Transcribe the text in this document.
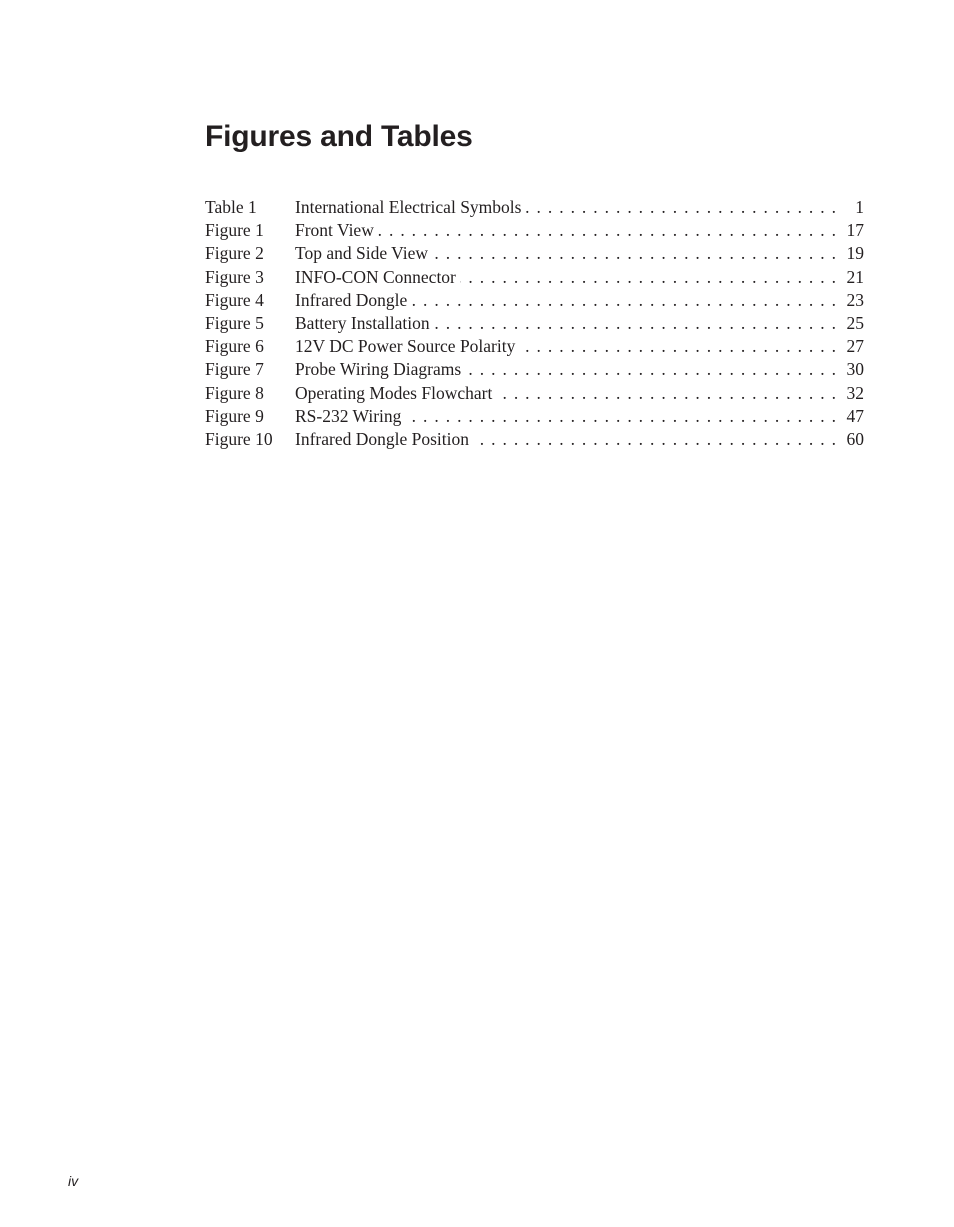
Figures and Tables
Table 1	International Electrical Symbols . . .	1
Figure 1	Front View . . .	17
Figure 2	Top and Side View . . .	19
Figure 3	INFO-CON Connector . . .	21
Figure 4	Infrared Dongle . . .	23
Figure 5	Battery Installation . . .	25
Figure 6	12V DC Power Source Polarity . . .	27
Figure 7	Probe Wiring Diagrams . . .	30
Figure 8	Operating Modes Flowchart . . .	32
Figure 9	RS-232 Wiring . . .	47
Figure 10	Infrared Dongle Position . . .	60
iv
